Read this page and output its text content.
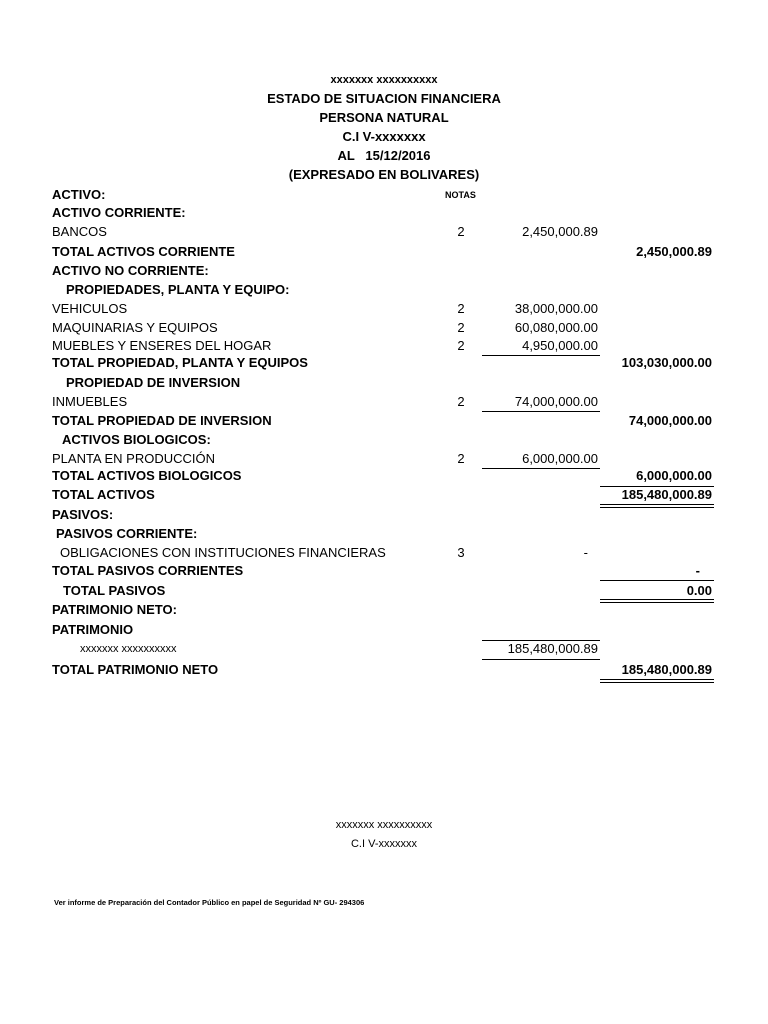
xxxxxxx xxxxxxxxxx
ESTADO DE SITUACION FINANCIERA
PERSONA NATURAL
C.I V-xxxxxxx
AL   15/12/2016
(EXPRESADO EN BOLIVARES)
ACTIVO:	NOTAS
ACTIVO CORRIENTE:
BANCOS	2	2,450,000.89
TOTAL ACTIVOS CORRIENTE	2,450,000.89
ACTIVO NO CORRIENTE:
PROPIEDADES, PLANTA Y EQUIPO:
VEHICULOS	2	38,000,000.00
MAQUINARIAS Y EQUIPOS	2	60,080,000.00
MUEBLES Y ENSERES DEL HOGAR	2	4,950,000.00
TOTAL PROPIEDAD, PLANTA Y EQUIPOS	103,030,000.00
PROPIEDAD DE INVERSION
INMUEBLES	2	74,000,000.00
TOTAL PROPIEDAD DE INVERSION	74,000,000.00
ACTIVOS BIOLOGICOS:
PLANTA EN PRODUCCIÓN	2	6,000,000.00
TOTAL ACTIVOS BIOLOGICOS	6,000,000.00
TOTAL ACTIVOS	185,480,000.89
PASIVOS:
PASIVOS CORRIENTE:
OBLIGACIONES CON INSTITUCIONES FINANCIERAS	3	-
TOTAL PASIVOS CORRIENTES	-
TOTAL PASIVOS	0.00
PATRIMONIO NETO:
PATRIMONIO
xxxxxxx xxxxxxxxxx	185,480,000.89
TOTAL PATRIMONIO NETO	185,480,000.89
xxxxxxx xxxxxxxxxx
C.I V-xxxxxxx
Ver informe de Preparación del Contador Público en papel de Seguridad Nº GU- 294306
